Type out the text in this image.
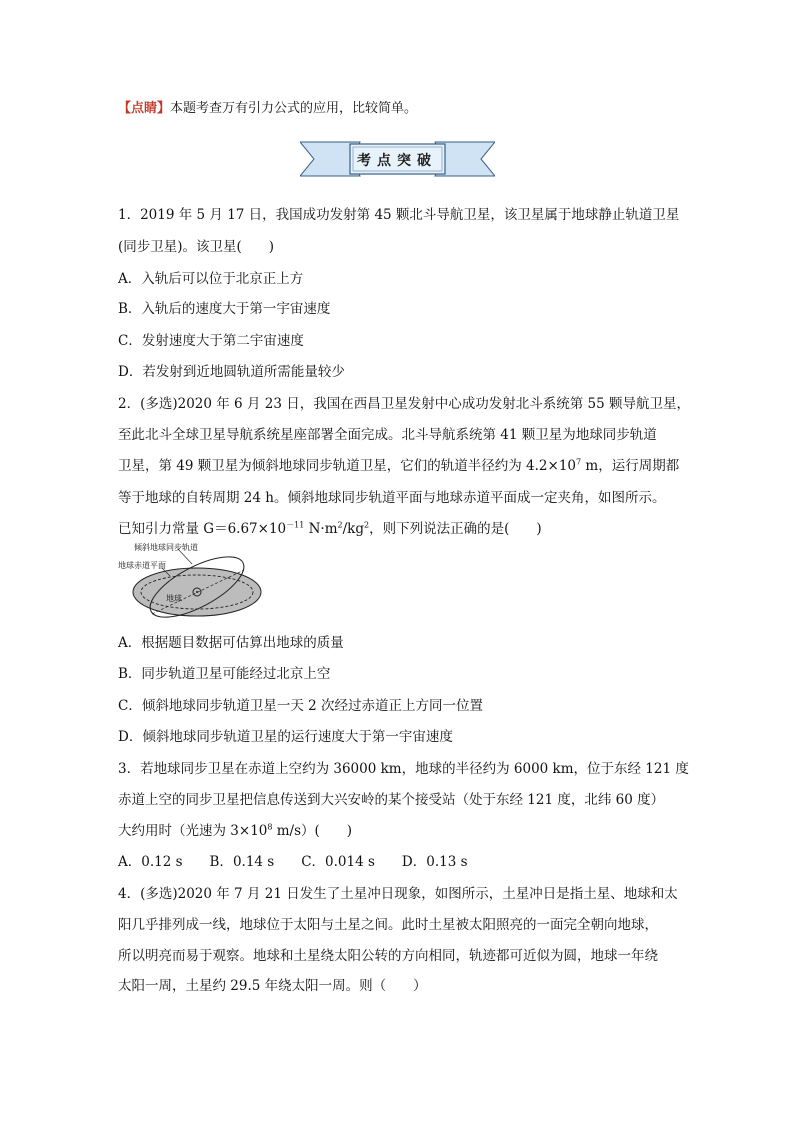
【点睛】本题考查万有引力公式的应用，比较简单。
考点突破
1．2019 年 5 月 17 日，我国成功发射第 45 颗北斗导航卫星，该卫星属于地球静止轨道卫星
(同步卫星)。该卫星(　　)
A．入轨后可以位于北京正上方
B．入轨后的速度大于第一宇宙速度
C．发射速度大于第二宇宙速度
D．若发射到近地圆轨道所需能量较少
2．(多选)2020 年 6 月 23 日，我国在西昌卫星发射中心成功发射北斗系统第 55 颗导航卫星，
至此北斗全球卫星导航系统星座部署全面完成。北斗导航系统第 41 颗卫星为地球同步轨道
卫星，第 49 颗卫星为倾斜地球同步轨道卫星，它们的轨道半径约为 $4.2\times 10^7$ m，运行周期都
等于地球的自转周期 24 h。倾斜地球同步轨道平面与地球赤道平面成一定夹角，如图所示。
已知引力常量 $G=6.67\times 10^{-11}$ $N\cdot m^2/kg^2$，则下列说法正确的是(　　)
倾斜地球同步轨道
地球赤道平面
地球
A．根据题目数据可估算出地球的质量
B．同步轨道卫星可能经过北京上空
C．倾斜地球同步轨道卫星一天 2 次经过赤道正上方同一位置
D．倾斜地球同步轨道卫星的运行速度大于第一宇宙速度
3．若地球同步卫星在赤道上空约为 36000 km，地球的半径约为 6000 km，位于东经 121 度
赤道上空的同步卫星把信息传送到大兴安岭的某个接受站（处于东经 121 度，北纬 60 度）
大约用时（光速为 $3\times 10^8$ m/s）(　　)
A．0.12 s　　B．0.14 s　　C．0.014 s　　D．0.13 s
4．(多选)2020 年 7 月 21 日发生了土星冲日现象，如图所示，土星冲日是指土星、地球和太
阳几乎排列成一线，地球位于太阳与土星之间。此时土星被太阳照亮的一面完全朝向地球，
所以明亮而易于观察。地球和土星绕太阳公转的方向相同，轨迹都可近似为圆，地球一年绕
太阳一周，土星约 29.5 年绕太阳一周。则（　　）
